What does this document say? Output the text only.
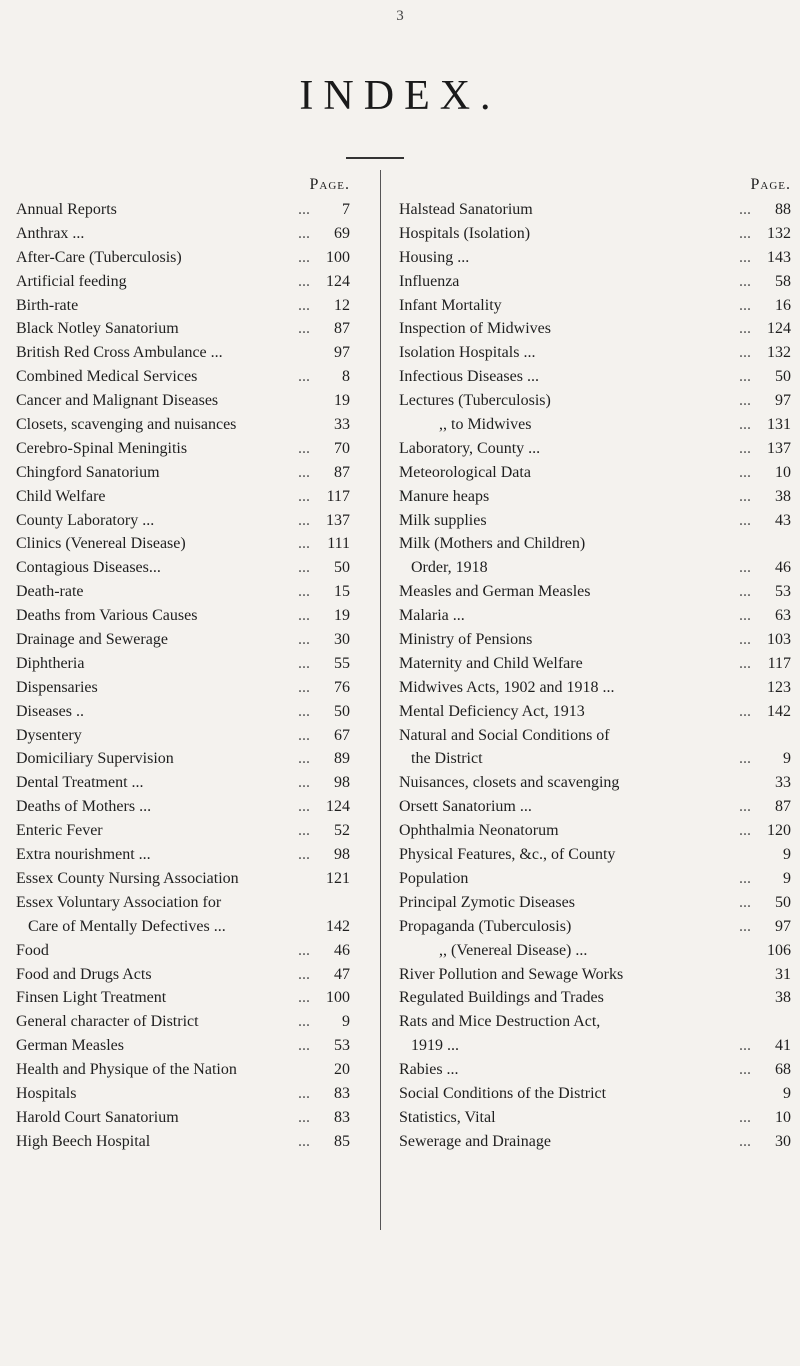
3
INDEX.
Page.
Annual Reports	...	7
Anthrax ...	...	69
After-Care (Tuberculosis)	...	100
Artificial feeding	...	124
Birth-rate	...	12
Black Notley Sanatorium	...	87
British Red Cross Ambulance ...	97
Combined Medical Services	...	8
Cancer and Malignant Diseases	19
Closets, scavenging and nuisances	33
Cerebro-Spinal Meningitis	...	70
Chingford Sanatorium	...	87
Child Welfare	...	117
County Laboratory ...	...	137
Clinics (Venereal Disease)	...	111
Contagious Diseases...	...	50
Death-rate	...	15
Deaths from Various Causes	...	19
Drainage and Sewerage	...	30
Diphtheria	...	55
Dispensaries	...	76
Diseases ..	...	50
Dysentery	...	67
Domiciliary Supervision	...	89
Dental Treatment ...	...	98
Deaths of Mothers ...	...	124
Enteric Fever	...	52
Extra nourishment ...	...	98
Essex County Nursing Association	121
Essex Voluntary Association for
Care of Mentally Defectives ...	142
Food	...	46
Food and Drugs Acts	...	47
Finsen Light Treatment	...	100
General character of District	...	9
German Measles	...	53
Health and Physique of the Nation	20
Hospitals	...	83
Harold Court Sanatorium	...	83
High Beech Hospital	...	85
Page.
Halstead Sanatorium	...	88
Hospitals (Isolation)	...	132
Housing ...	...	143
Influenza	...	58
Infant Mortality	...	16
Inspection of Midwives	...	124
Isolation Hospitals ...	...	132
Infectious Diseases ...	...	50
Lectures (Tuberculosis)	...	97
,, to Midwives	...	131
Laboratory, County ...	...	137
Meteorological Data	...	10
Manure heaps	...	38
Milk supplies	...	43
Milk (Mothers and Children)
Order, 1918	...	46
Measles and German Measles	...	53
Malaria ...	...	63
Ministry of Pensions	...	103
Maternity and Child Welfare	...	117
Midwives Acts, 1902 and 1918 ...	123
Mental Deficiency Act, 1913	...	142
Natural and Social Conditions of
the District	...	9
Nuisances, closets and scavenging	33
Orsett Sanatorium ...	...	87
Ophthalmia Neonatorum	...	120
Physical Features, &c., of County	9
Population	...	9
Principal Zymotic Diseases	...	50
Propaganda (Tuberculosis)	...	97
,, (Venereal Disease) ...	106
River Pollution and Sewage Works	31
Regulated Buildings and Trades	38
Rats and Mice Destruction Act,
1919 ...	...	41
Rabies ...	...	68
Social Conditions of the District	9
Statistics, Vital	...	10
Sewerage and Drainage	...	30
